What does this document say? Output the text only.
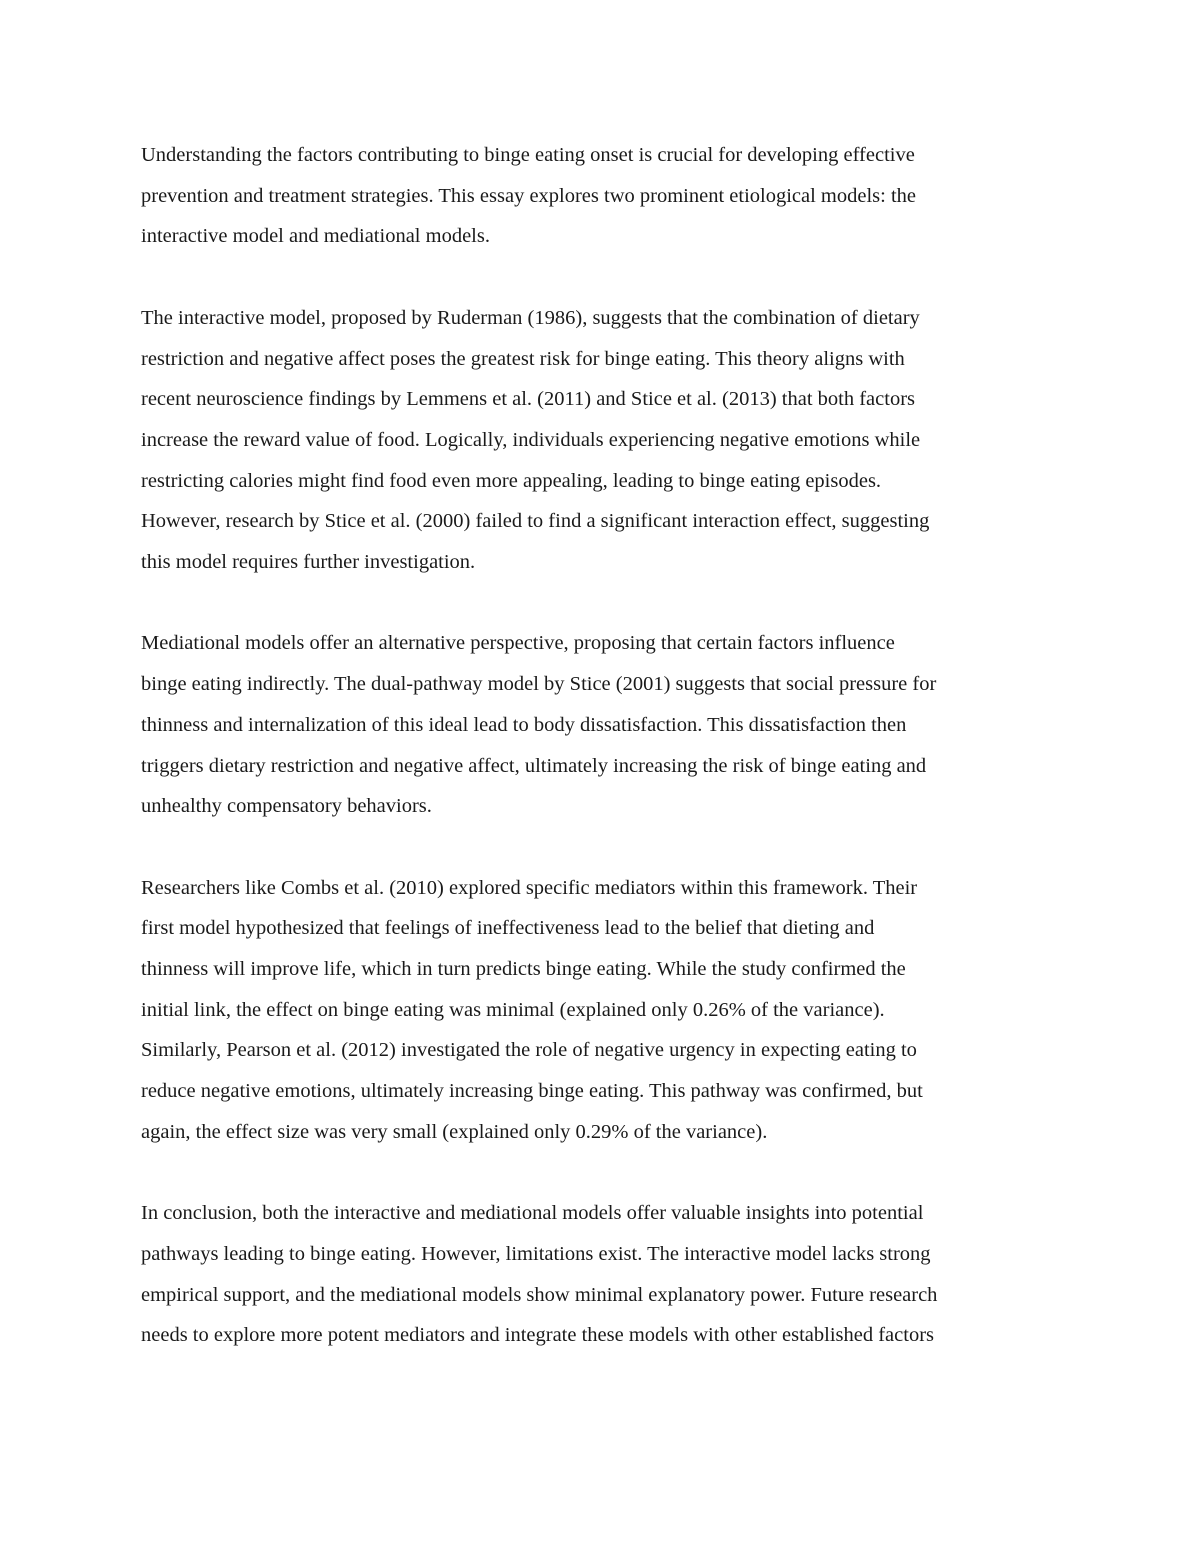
Understanding the factors contributing to binge eating onset is crucial for developing effective
prevention and treatment strategies. This essay explores two prominent etiological models: the
interactive model and mediational models.

The interactive model, proposed by Ruderman (1986), suggests that the combination of dietary
restriction and negative affect poses the greatest risk for binge eating. This theory aligns with
recent neuroscience findings by Lemmens et al. (2011) and Stice et al. (2013) that both factors
increase the reward value of food. Logically, individuals experiencing negative emotions while
restricting calories might find food even more appealing, leading to binge eating episodes.
However, research by Stice et al. (2000) failed to find a significant interaction effect, suggesting
this model requires further investigation.

Mediational models offer an alternative perspective, proposing that certain factors influence
binge eating indirectly. The dual-pathway model by Stice (2001) suggests that social pressure for
thinness and internalization of this ideal lead to body dissatisfaction. This dissatisfaction then
triggers dietary restriction and negative affect, ultimately increasing the risk of binge eating and
unhealthy compensatory behaviors.

Researchers like Combs et al. (2010) explored specific mediators within this framework. Their
first model hypothesized that feelings of ineffectiveness lead to the belief that dieting and
thinness will improve life, which in turn predicts binge eating. While the study confirmed the
initial link, the effect on binge eating was minimal (explained only 0.26% of the variance).
Similarly, Pearson et al. (2012) investigated the role of negative urgency in expecting eating to
reduce negative emotions, ultimately increasing binge eating. This pathway was confirmed, but
again, the effect size was very small (explained only 0.29% of the variance).

In conclusion, both the interactive and mediational models offer valuable insights into potential
pathways leading to binge eating. However, limitations exist. The interactive model lacks strong
empirical support, and the mediational models show minimal explanatory power. Future research
needs to explore more potent mediators and integrate these models with other established factors
